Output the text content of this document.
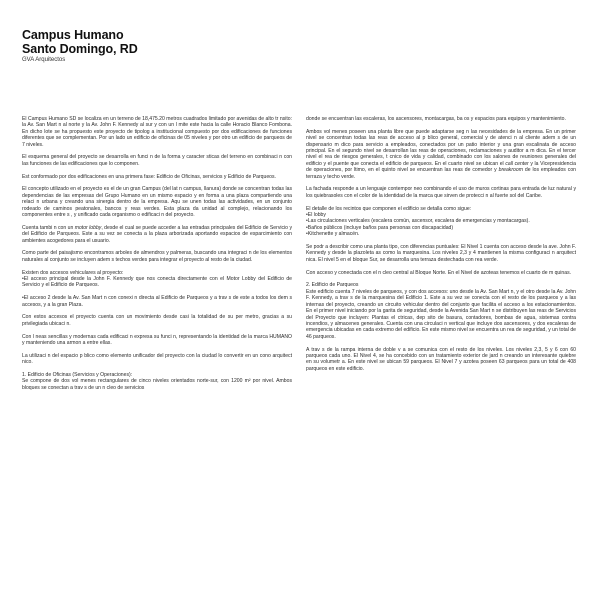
Campus Humano

Santo Domingo, RD

GVA Arquitectos

El Campus Humano SD se localiza en un terreno de 18,475.20 metros cuadrados limitado por avenidas de alto tr nsito: la Av. San Mart n al norte y la Av. John F. Kennedy al sur y con un l mite este hacia la calle Horacio Blanco Fombona. En dicho lote se ha propuesto este proyecto de tipolog a institucional compuesto por dos edificaciones de funciones diferentes que se complementan. Por un lado un edificio de oficinas de 05 niveles y por otro un edificio de parqueos de 7 niveles.

El esquema general del proyecto se desarrolla en funci n de la forma y caracter sticas del terreno en combinaci n con las funciones de las edificaciones que lo componen.

Est conformado por dos edificaciones en una primera fase: Edificio de Oficinas, servicios y Edificio de Parqueos.

El concepto utilizado en el proyecto es el de un gran Campus (del lat n campus, llanura) donde se concentran todas las dependencias de las empresas del Grupo Humano en un mismo espacio y en forma a una plaza compartiendo una relaci n urbana y creando una sinergia dentro de la empresa. Aqu se unen todas las actividades, en un conjunto rodeado de caminos peatonales, bancos y reas verdes. Esta plaza da unidad al complejo, relacionando los componentes entre s , y unificado cada organismo o edificaci n del proyecto.

Cuenta tambi n con un motor lobby, desde el cual se puede acceder a las entradas principales del Edificio de Servicio y del Edificio de Parqueos. Este a su vez se conecta a la plaza arborizada aportando espacios de esparcimiento con ambientes acogedores para el usuario.

Como parte del paisajismo encontramos arboles de almendros y palmeras, buscando una integraci n de los elementos naturales al conjunto se incluyen adem s techos verdes para integrar el proyecto al resto de la ciudad.

Existen dos accesos vehiculares al proyecto:

• El acceso principal desde la John F. Kennedy que nos conecta directamente con el Motor Lobby del Edificio de Servicio y el Edificio de Parqueos.
• El acceso 2 desde la Av. San Mart n con conexi n directa al Edificio de Parqueos y a trav s de este a todos los dem s accesos, y a la gran Plaza.

Con estos accesos el proyecto cuenta con un movimiento desde casi la totalidad de su per metro, gracias a su privilegiada ubicaci n.

Con l neas sencillas y modernas cada edificaci n expresa su funci n, representando la identidad de la marca HUMANO y manteniendo una armon a entre ellas.

La utilizaci n del espacio p blico como elemento unificador del proyecto con la ciudad lo convertir en un cono arquitect nico.

1. Edificio de Oficinas (Servicios y Operaciones):

Se compone de dos vol menes rectangulares de cinco niveles orientados norte-sur, con 1200 m² por nivel. Ambos bloques se conectan a trav s de un n cleo de servicios

donde se encuentran las escaleras, los ascensores, montacargas, ba os y espacios para equipos y mantenimiento.

Ambos vol menes poseen una planta libre que puede adaptarse seg n las necesidades de la empresa. En un primer nivel se concentran todas las reas de acceso al p blico general, comercial y de atenci n al cliente adem s de un dispensario m dico para servicio a empleados, conectados por un patio interior y una gran escalinata de acceso principal. En el segundo nivel se desarrollan las reas de operaciones, reclamaciones y auditor a m dica. En el tercer nivel el rea de riesgos generales, t cnico de vida y calidad, combinado con los salones de reuniones generales del edificio y el puente que conecta el edificio de parqueos. En el cuarto nivel se ubican el call center y la Vicepresidencia de operaciones, por ltimo, en el quinto nivel se encuentran las reas de comedor y breakroom de los empleados con terraza y techo verde.

La fachada responde a un lenguaje contempor neo combinando el uso de muros cortinas para entrada de luz natural y los quiebrasoles con el color de la identidad de la marca que sirven de protecci n al fuerte sol del Caribe.

El detalle de los recintos que componen el edificio se detalla como sigue:

• El lobby
• Las circulaciones verticales (escalera común, ascensor, escalera de emergencias y montacargas).
• Baños públicos (incluye baños para personas con discapacidad)
• Kitchenette y almacén.

Se podr a describir como una planta tipo, con diferencias puntuales: El Nivel 1 cuenta con acceso desde la ave. John F. Kennedy y desde la plazoleta as como la marquesina. Los niveles 2,3 y 4 mantienen la misma configuraci n arquitect nica. El nivel 5 en el bloque Sur, se desarrolla una terraza destechada con rea verde.

Con acceso y conectada con el n cleo central al Bloque Norte. En el Nivel de azoteas tenemos el cuarto de m quinas.

2. Edificio de Parqueos

Este edificio cuenta 7 niveles de parqueos, y con dos accesos: uno desde la Av. San Mart n, y el otro desde la Av. John F. Kennedy, a trav s de la marquesina del Edificio 1. Este a su vez se conecta con el resto de los parqueos y a las internas del proyecto, creando un circuito vehicular dentro del conjunto que facilita el acceso a los estacionamientos. En el primer nivel iniciando por la garita de seguridad, desde la Avenida San Mart n se distribuyen las reas de Servicios del Proyecto que incluyen: Plantas el ctricas, dep sito de basura, contadores, bombas de agua, sistemas contra incendios, y almacenes generales. Cuenta con una circulaci n vertical que incluye dos ascensores, y dos escaleras de emergencia ubicadas en cada extremo del edificio. En este mismo nivel se encuentra un rea de seguridad, y un total de 46 parqueos.

A trav s de la rampa interna de doble v a se comunica con el resto de los niveles. Los niveles 2,3, 5 y 6 con 60 parqueos cada uno. El Nivel 4, se ha concebido con un tratamiento exterior de jard n creando un interesante quiebre en su volumetr a. En este nivel se ubican 59 parqueos. El Nivel 7 y azotea poseen 63 parqueos para un total de 408 parqueos en este edificio.
